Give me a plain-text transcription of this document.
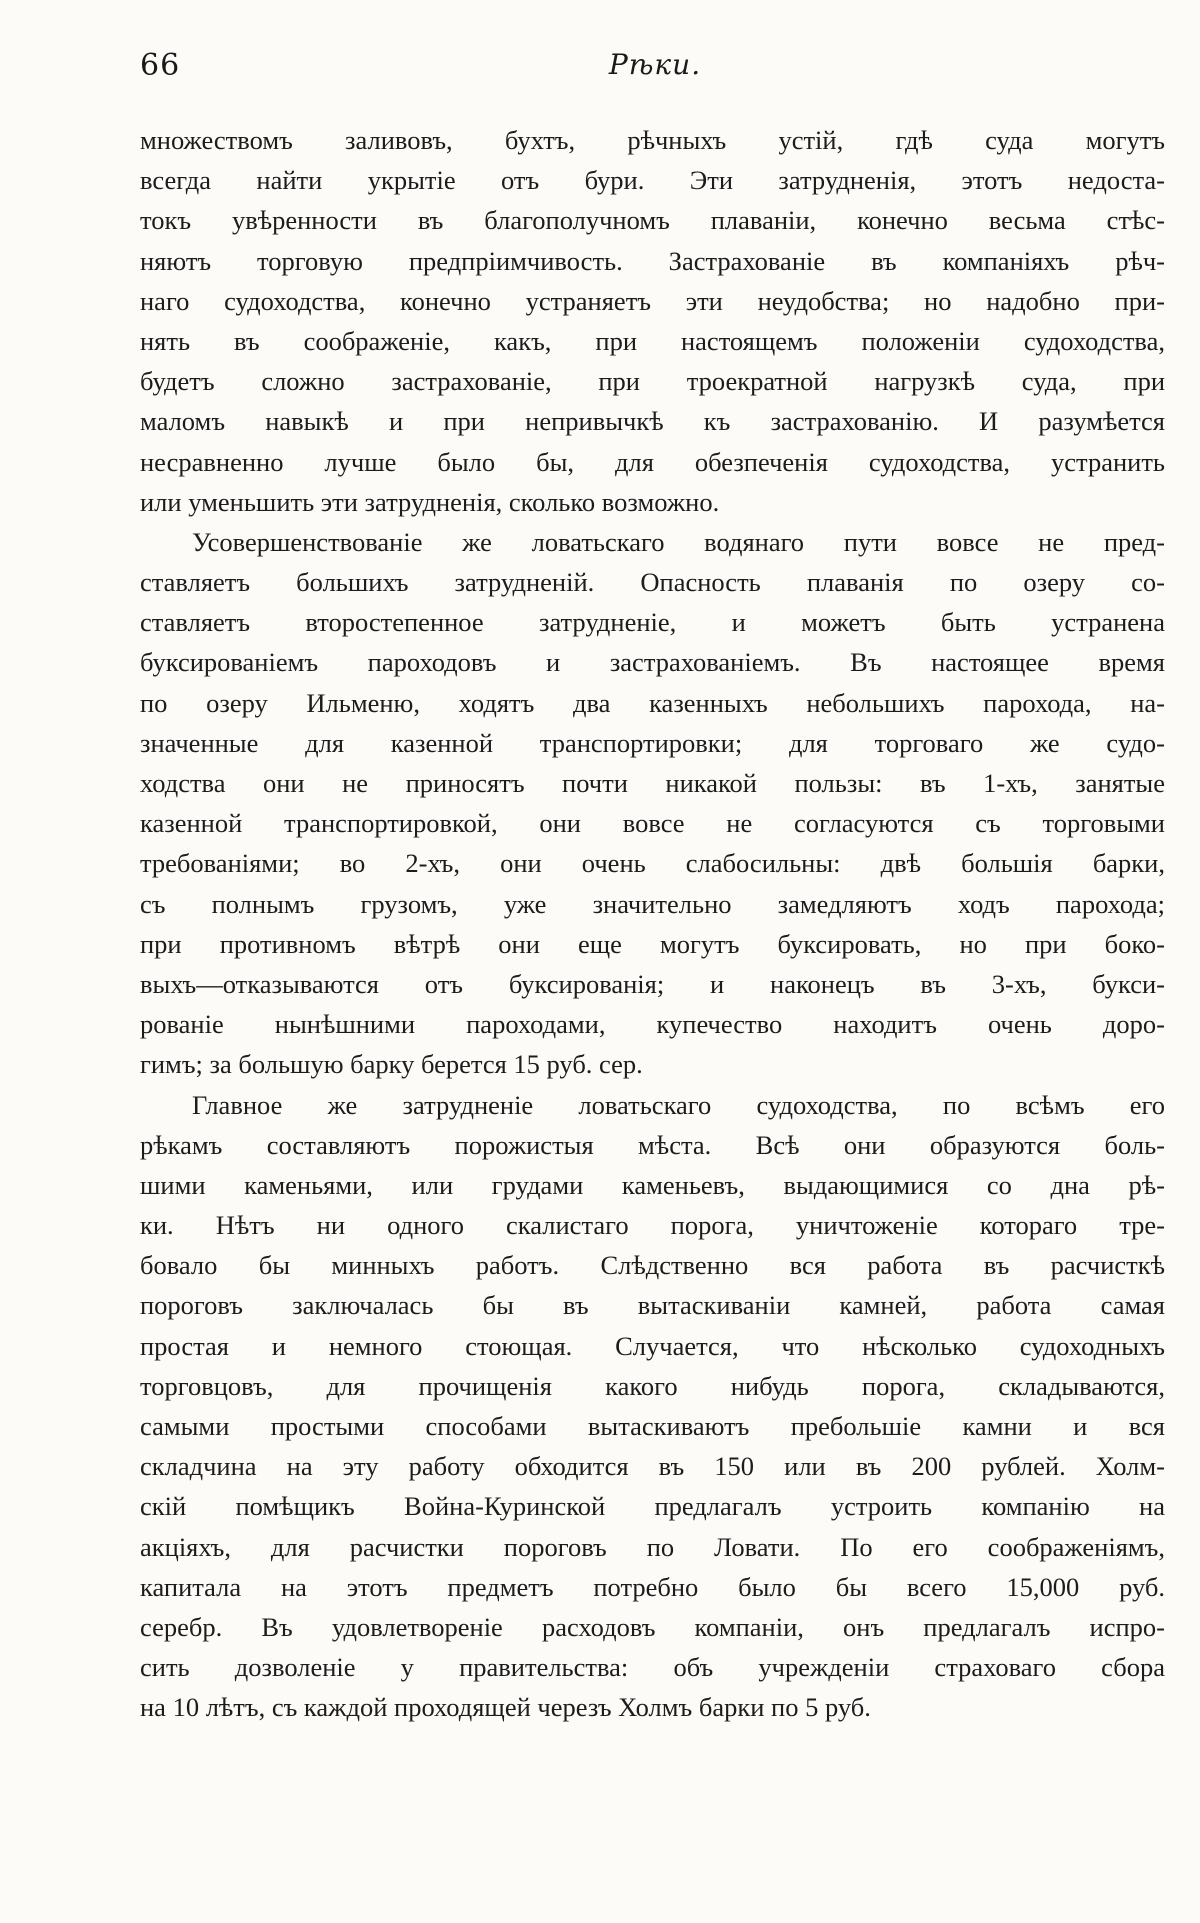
66	Рѣки.
множествомъ заливовъ, бухтъ, рѣчныхъ устій, гдѣ суда могутъ
всегда найти укрытіе отъ бури. Эти затрудненія, этотъ недоста-
токъ увѣренности въ благополучномъ плаваніи, конечно весьма стѣс-
няютъ торговую предпріимчивость. Застрахованіе въ компаніяхъ рѣч-
наго судоходства, конечно устраняетъ эти неудобства; но надобно при-
нять въ соображеніе, какъ, при настоящемъ положеніи судоходства,
будетъ сложно застрахованіе, при троекратной нагрузкѣ суда, при
маломъ навыкѣ и при непривычкѣ къ застрахованію. И разумѣется
несравненно лучше было бы, для обезпеченія судоходства, устранить
или уменьшить эти затрудненія, сколько возможно.
Усовершенствованіе же ловатьскаго водянаго пути вовсе не пред-
ставляетъ большихъ затрудненій. Опасность плаванія по озеру со-
ставляетъ второстепенное затрудненіе, и можетъ быть устранена
буксированіемъ пароходовъ и застрахованіемъ. Въ настоящее время
по озеру Ильменю, ходятъ два казенныхъ небольшихъ парохода, на-
значенные для казенной транспортировки; для торговаго же судо-
ходства они не приносятъ почти никакой пользы: въ 1-хъ, занятые
казенной транспортировкой, они вовсе не согласуются съ торговыми
требованіями; во 2-хъ, они очень слабосильны: двѣ большія барки,
съ полнымъ грузомъ, уже значительно замедляютъ ходъ парохода;
при противномъ вѣтрѣ они еще могутъ буксировать, но при боко-
выхъ—отказываются отъ буксированія; и наконецъ въ 3-хъ, букси-
рованіе нынѣшними пароходами, купечество находитъ очень доро-
гимъ; за большую барку берется 15 руб. сер.
Главное же затрудненіе ловатьскаго судоходства, по всѣмъ его
рѣкамъ составляютъ порожистыя мѣста. Всѣ они образуются боль-
шими каменьями, или грудами каменьевъ, выдающимися со дна рѣ-
ки. Нѣтъ ни одного скалистаго порога, уничтоженіе котораго тре-
бовало бы минныхъ работъ. Слѣдственно вся работа въ расчисткѣ
пороговъ заключалась бы въ вытаскиваніи камней, работа самая
простая и немного стоющая. Случается, что нѣсколько судоходныхъ
торговцовъ, для прочищенія какого нибудь порога, складываются,
самыми простыми способами вытаскиваютъ пребольшіе камни и вся
складчина на эту работу обходится въ 150 или въ 200 рублей. Холм-
скій помѣщикъ Война-Куринской предлагалъ устроить компанію на
акціяхъ, для расчистки пороговъ по Ловати. По его соображеніямъ,
капитала на этотъ предметъ потребно было бы всего 15,000 руб.
серебр. Въ удовлетвореніе расходовъ компаніи, онъ предлагалъ испро-
сить дозволеніе у правительства: объ учрежденіи страховаго сбора
на 10 лѣтъ, съ каждой проходящей черезъ Холмъ барки по 5 руб.
